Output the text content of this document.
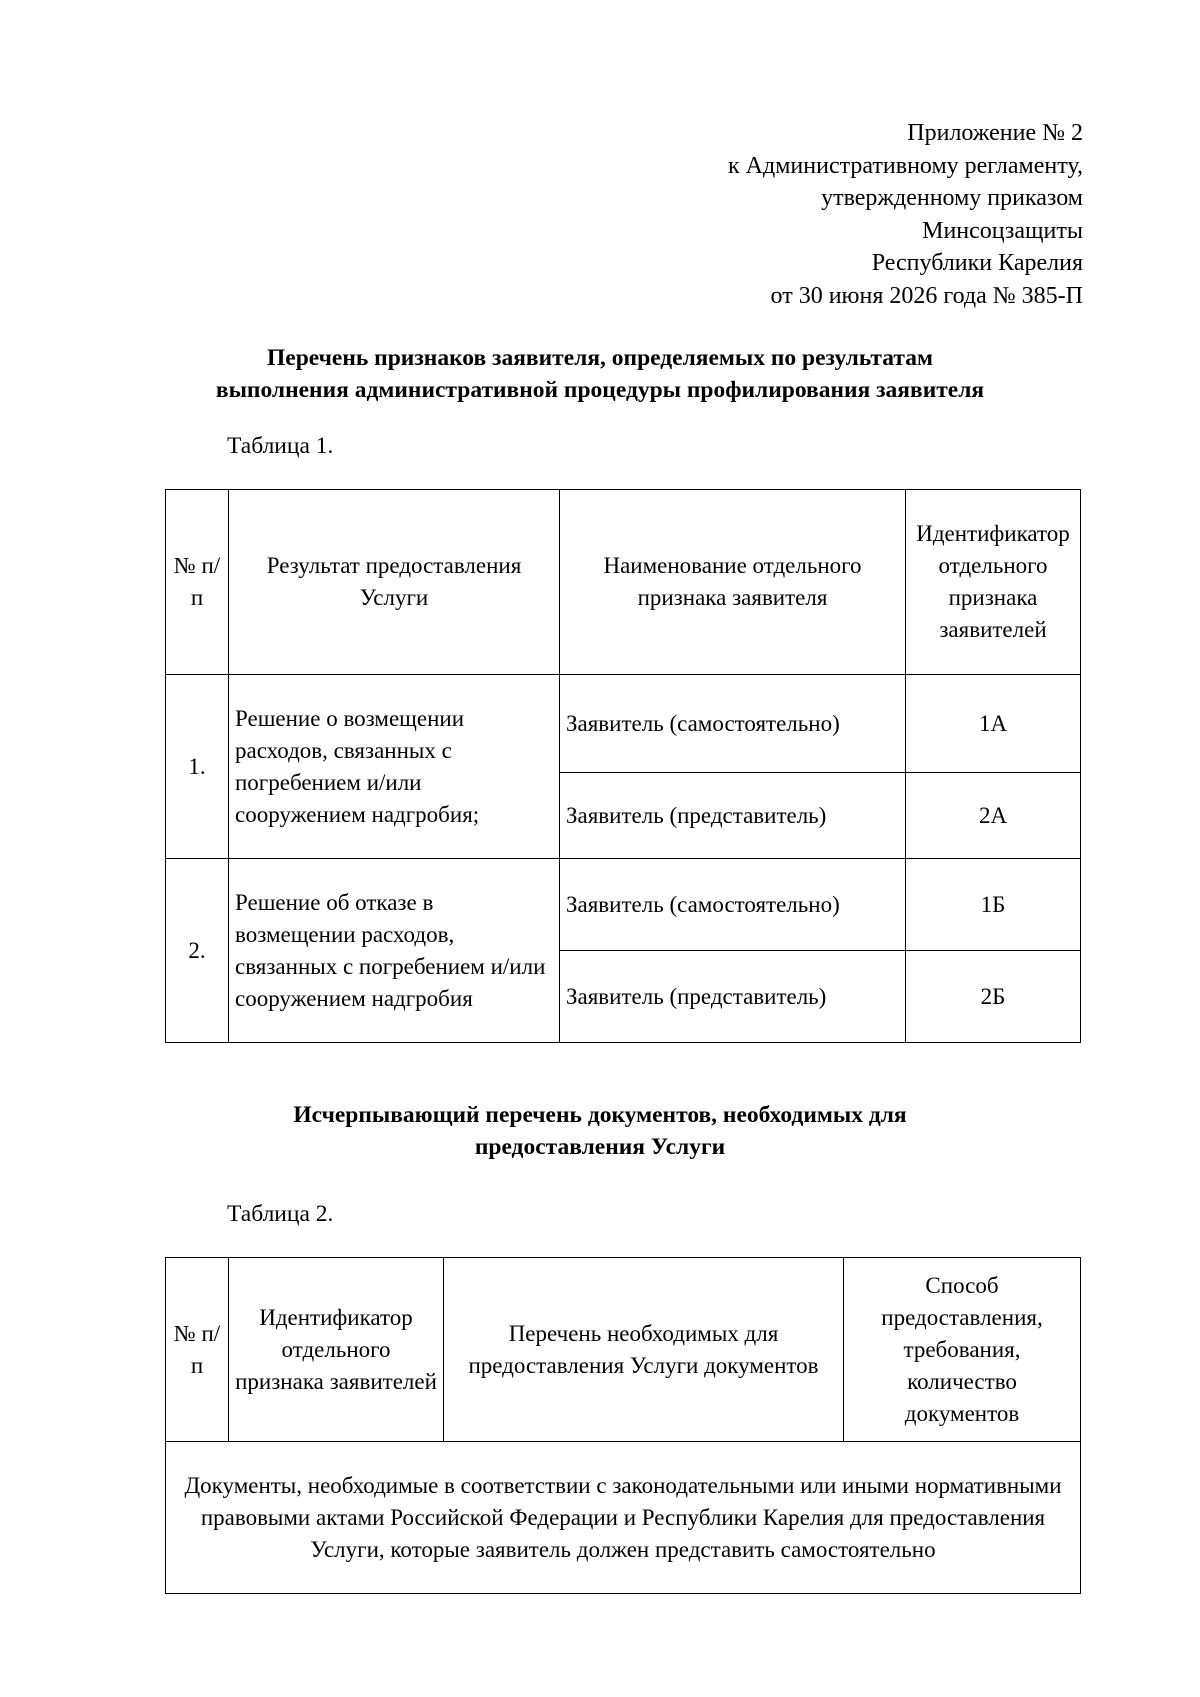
Приложение № 2
к Административному регламенту,
утвержденному приказом
Минсоцзащиты
Республики Карелия
от 30 июня 2026 года № 385-П
Перечень признаков заявителя, определяемых по результатам
выполнения административной процедуры профилирования заявителя
Таблица 1.
№ п/п	Результат предоставления Услуги	Наименование отдельного признака заявителя	Идентификатор отдельного признака заявителей
1.	Решение о возмещении расходов, связанных с погребением и/или сооружением надгробия;	Заявитель (самостоятельно)	1А
		Заявитель (представитель)	2А
2.	Решение об отказе в возмещении расходов, связанных с погребением и/или сооружением надгробия	Заявитель (самостоятельно)	1Б
		Заявитель (представитель)	2Б
Исчерпывающий перечень документов, необходимых для
предоставления Услуги
Таблица 2.
№ п/п	Идентификатор отдельного признака заявителей	Перечень необходимых для предоставления Услуги документов	Способ предоставления, требования, количество документов
Документы, необходимые в соответствии с законодательными или иными нормативными правовыми актами Российской Федерации и Республики Карелия для предоставления Услуги, которые заявитель должен представить самостоятельно
